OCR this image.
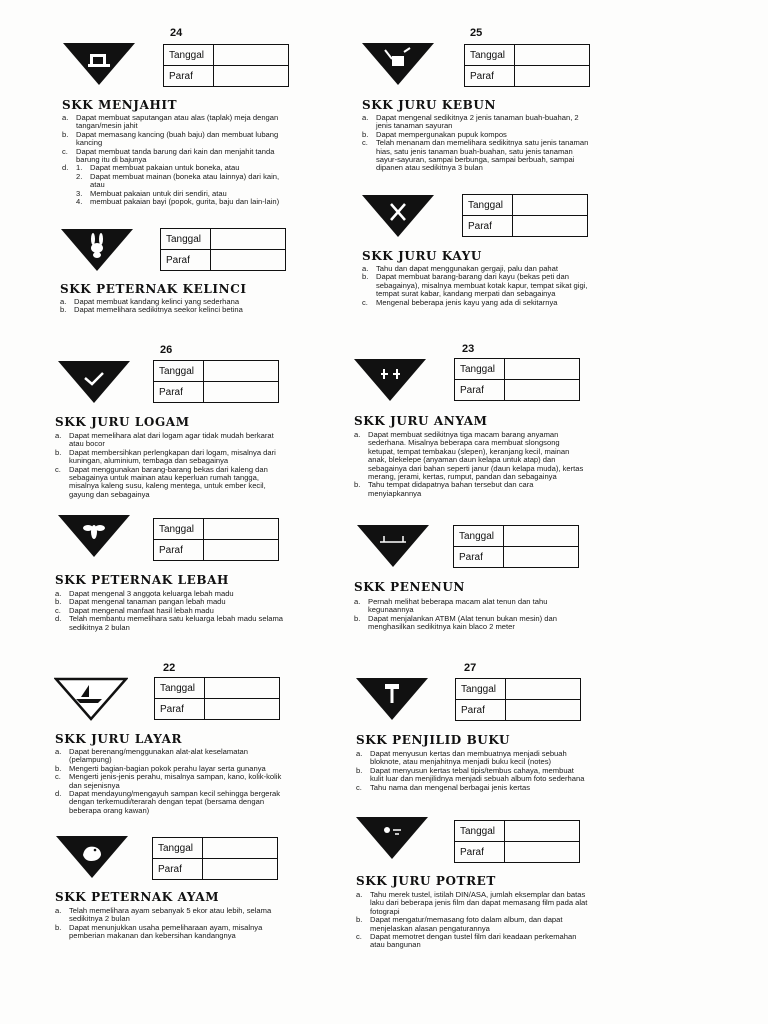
24
Tanggal	
Paraf	
SKK MENJAHIT
a. Dapat membuat saputangan atau alas (taplak) meja dengan tangan/mesin jahit
b. Dapat memasang kancing (buah baju) dan membuat lubang kancing
c. Dapat membuat tanda barung dari kain dan menjahit tanda barung itu di bajunya
d. 1. Dapat membuat pakaian untuk boneka, atau
2. Dapat membuat mainan (boneka atau lainnya) dari kain, atau
3. Membuat pakaian untuk diri sendiri, atau
4. membuat pakaian bayi (popok, gurita, baju dan lain-lain)
Tanggal	
Paraf	
SKK PETERNAK KELINCI
a. Dapat membuat kandang kelinci yang sederhana
b. Dapat memelihara sedikitnya seekor kelinci betina
25
Tanggal	
Paraf	
SKK JURU KEBUN
a. Dapat mengenal sedikitnya 2 jenis tanaman buah-buahan, 2 jenis tanaman sayuran
b. Dapat mempergunakan pupuk kompos
c. Telah menanam dan memelihara sedikitnya satu jenis tanaman hias, satu jenis tanaman buah-buahan, satu jenis tanaman sayur-sayuran, sampai berbunga, sampai berbuah, sampai dipanen atau sedikitnya 3 bulan
Tanggal	
Paraf	
SKK JURU KAYU
a. Tahu dan dapat menggunakan gergaji, palu dan pahat
b. Dapat membuat barang-barang dari kayu (bekas peti dan sebagainya), misalnya membuat kotak kapur, tempat sikat gigi, tempat surat kabar, kandang merpati dan sebagainya
c. Mengenal beberapa jenis kayu yang ada di sekitarnya
26
Tanggal	
Paraf	
SKK JURU LOGAM
a. Dapat memelihara alat dari logam agar tidak mudah berkarat atau bocor
b. Dapat membersihkan perlengkapan dari logam, misalnya dari kuningan, aluminium, tembaga dan sebagainya
c. Dapat menggunakan barang-barang bekas dari kaleng dan sebagainya untuk mainan atau keperluan rumah tangga, misalnya kaleng susu, kaleng mentega, untuk ember kecil, gayung dan sebagainya
Tanggal	
Paraf	
SKK PETERNAK LEBAH
a. Dapat mengenal 3 anggota keluarga lebah madu
b. Dapat mengenal tanaman pangan lebah madu
c. Dapat mengenal manfaat hasil lebah madu
d. Telah membantu memelihara satu keluarga lebah madu selama sedikitnya 2 bulan
23
Tanggal	
Paraf	
SKK JURU ANYAM
a. Dapat membuat sedikitnya tiga macam barang anyaman sederhana. Misalnya beberapa cara membuat slongsong ketupat, tempat tembakau (slepen), keranjang kecil, mainan anak, blekelepe (anyaman daun kelapa untuk atap) dan sebagainya dari bahan seperti janur (daun kelapa muda), kertas merang, jerami, kertas, rumput, pandan dan sebagainya
b. Tahu tempat didapatnya bahan tersebut dan cara menyiapkannya
Tanggal	
Paraf	
SKK PENENUN
a. Pernah melihat beberapa macam alat tenun dan tahu kegunaannya
b. Dapat menjalankan ATBM (Alat tenun bukan mesin) dan menghasilkan sedikitnya kain blaco 2 meter
22
Tanggal	
Paraf	
SKK JURU LAYAR
a. Dapat berenang/menggunakan alat-alat keselamatan (pelampung)
b. Mengerti bagian-bagian pokok perahu layar serta gunanya
c. Mengerti jenis-jenis perahu, misalnya sampan, kano, kolik-kolik dan sejenisnya
d. Dapat mendayung/mengayuh sampan kecil sehingga bergerak dengan terkemudi/terarah dengan tepat (bersama dengan beberapa orang kawan)
Tanggal	
Paraf	
SKK PETERNAK AYAM
a. Telah memelihara ayam sebanyak 5 ekor atau lebih, selama sedikitnya 2 bulan
b. Dapat menunjukkan usaha pemeliharaan ayam, misalnya pemberian makanan dan kebersihan kandangnya
27
Tanggal	
Paraf	
SKK PENJILID BUKU
a. Dapat menyusun kertas dan membuatnya menjadi sebuah bloknote, atau menjahitnya menjadi buku kecil (notes)
b. Dapat menyusun kertas tebal tipis/tembus cahaya, membuat kulit luar dan menjilidnya menjadi sebuah album foto sederhana
c. Tahu nama dan mengenal berbagai jenis kertas
Tanggal	
Paraf	
SKK JURU POTRET
a. Tahu merek tustel, istilah DIN/ASA, jumlah eksemplar dan batas laku dari beberapa jenis film dan dapat memasang film pada alat fotograpi
b. Dapat mengatur/memasang foto dalam album, dan dapat menjelaskan alasan pengaturannya
c. Dapat memotret dengan tustel film dari keadaan perkemahan atau bangunan
